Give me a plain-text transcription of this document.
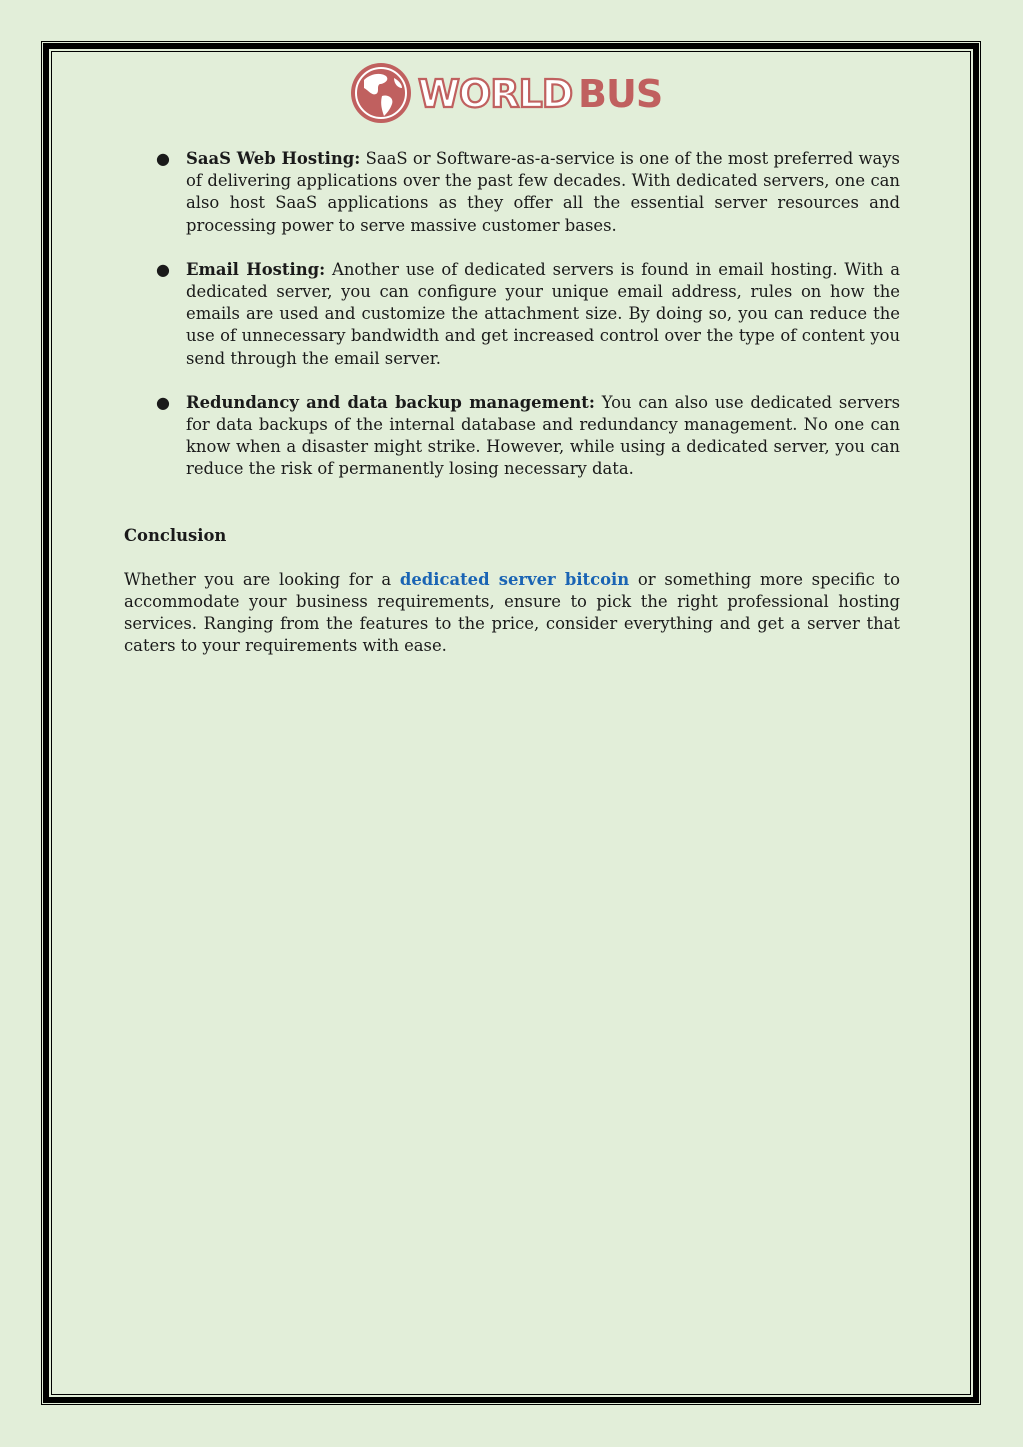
WORLD BUS
● SaaS Web Hosting: SaaS or Software-as-a-service is one of the most preferred ways of delivering applications over the past few decades. With dedicated servers, one can also host SaaS applications as they offer all the essential server resources and processing power to serve massive customer bases.
● Email Hosting: Another use of dedicated servers is found in email hosting. With a dedicated server, you can configure your unique email address, rules on how the emails are used and customize the attachment size. By doing so, you can reduce the use of unnecessary bandwidth and get increased control over the type of content you send through the email server.
● Redundancy and data backup management: You can also use dedicated servers for data backups of the internal database and redundancy management. No one can know when a disaster might strike. However, while using a dedicated server, you can reduce the risk of permanently losing necessary data.
Conclusion

Whether you are looking for a dedicated server bitcoin or something more specific to accommodate your business requirements, ensure to pick the right professional hosting services. Ranging from the features to the price, consider everything and get a server that caters to your requirements with ease.
